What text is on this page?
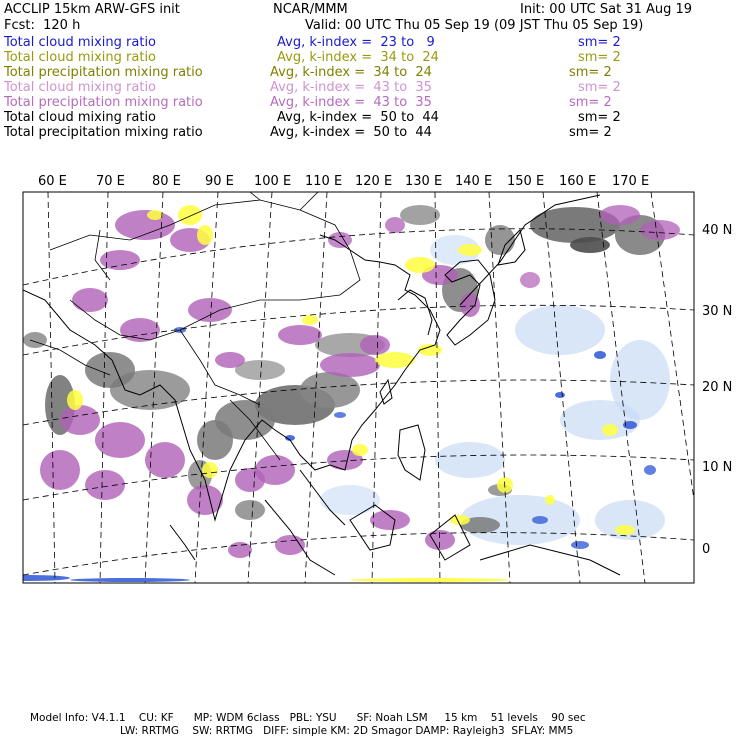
ACCLIP 15km ARW-GFS init	NCAR/MMM	Init: 00 UTC Sat 31 Aug 19
Fcst:  120 h	Valid: 00 UTC Thu 05 Sep 19 (09 JST Thu 05 Sep 19)
Total cloud mixing ratio	Avg, k-index =  23 to   9	sm= 2
Total cloud mixing ratio	Avg, k-index =  34 to  24	sm= 2
Total precipitation mixing ratio	Avg, k-index =  34 to  24	sm= 2
Total cloud mixing ratio	Avg, k-index =  43 to  35	sm= 2
Total precipitation mixing ratio	Avg, k-index =  43 to  35	sm= 2
Total cloud mixing ratio	Avg, k-index =  50 to  44	sm= 2
Total precipitation mixing ratio	Avg, k-index =  50 to  44	sm= 2
60 E 70 E 80 E 90 E 100 E 110 E 120 E 130 E 140 E 150 E 160 E 170 E
40 N
30 N
20 N
10 N
0
Model Info: V4.1.1    CU: KF      MP: WDM 6class   PBL: YSU      SF: Noah LSM     15 km    51 levels    90 sec
LW: RRTMG    SW: RRTMG   DIFF: simple KM: 2D Smagor DAMP: Rayleigh3  SFLAY: MM5
